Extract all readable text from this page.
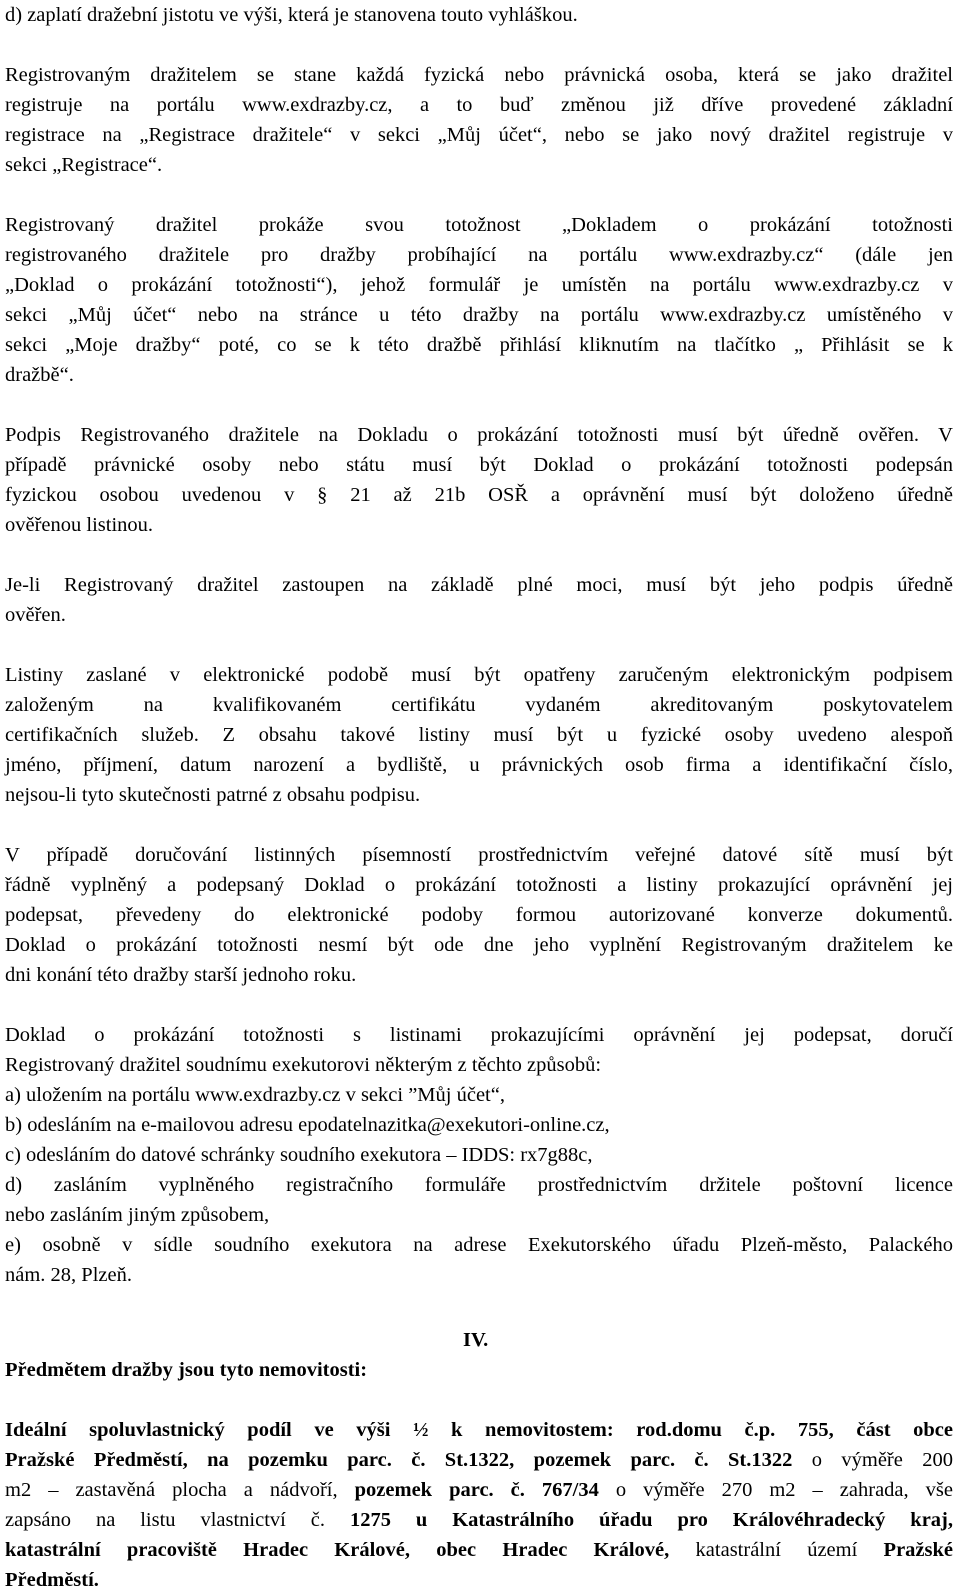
d) zaplatí dražební jistotu ve výši, která je stanovena touto vyhláškou.
Registrovaným dražitelem se stane každá fyzická nebo právnická osoba, která se jako dražitel
registruje na portálu www.exdrazby.cz, a to buď změnou již dříve provedené základní
registrace na „Registrace dražitele“ v sekci „Můj účet“, nebo se jako nový dražitel registruje v
sekci „Registrace“.
Registrovaný dražitel prokáže svou totožnost „Dokladem o prokázání totožnosti
registrovaného dražitele pro dražby probíhající na portálu www.exdrazby.cz“ (dále jen
„Doklad o prokázání totožnosti“), jehož formulář je umístěn na portálu www.exdrazby.cz v
sekci „Můj účet“ nebo na stránce u této dražby na portálu www.exdrazby.cz umístěného v
sekci „Moje dražby“ poté, co se k této dražbě přihlásí kliknutím na tlačítko „ Přihlásit se k
dražbě“.
Podpis Registrovaného dražitele na Dokladu o prokázání totožnosti musí být úředně ověřen. V
případě právnické osoby nebo státu musí být Doklad o prokázání totožnosti podepsán
fyzickou osobou uvedenou v § 21 až 21b OSŘ a oprávnění musí být doloženo úředně
ověřenou listinou.
Je-li Registrovaný dražitel zastoupen na základě plné moci, musí být jeho podpis úředně
ověřen.
Listiny zaslané v elektronické podobě musí být opatřeny zaručeným elektronickým podpisem
založeným na kvalifikovaném certifikátu vydaném akreditovaným poskytovatelem
certifikačních služeb. Z obsahu takové listiny musí být u fyzické osoby uvedeno alespoň
jméno, příjmení, datum narození a bydliště, u právnických osob firma a identifikační číslo,
nejsou-li tyto skutečnosti patrné z obsahu podpisu.
V případě doručování listinných písemností prostřednictvím veřejné datové sítě musí být
řádně vyplněný a podepsaný Doklad o prokázání totožnosti a listiny prokazující oprávnění jej
podepsat, převedeny do elektronické podoby formou autorizované konverze dokumentů.
Doklad o prokázání totožnosti nesmí být ode dne jeho vyplnění Registrovaným dražitelem ke
dni konání této dražby starší jednoho roku.
Doklad o prokázání totožnosti s listinami prokazujícími oprávnění jej podepsat, doručí
Registrovaný dražitel soudnímu exekutorovi některým z těchto způsobů:
a) uložením na portálu www.exdrazby.cz v sekci ”Můj účet“,
b) odesláním na e-mailovou adresu epodatelnazitka@exekutori-online.cz,
c) odesláním do datové schránky soudního exekutora – IDDS: rx7g88c,
d) zasláním vyplněného registračního formuláře prostřednictvím držitele poštovní licence
nebo zasláním jiným způsobem,
e) osobně v sídle soudního exekutora na adrese Exekutorského úřadu Plzeň-město, Palackého
nám. 28, Plzeň.
IV.
Předmětem dražby jsou tyto nemovitosti:
Ideální spoluvlastnický podíl ve výši ½ k nemovitostem: rod.domu č.p. 755, část obce
Pražské Předměstí, na pozemku parc. č. St.1322, pozemek parc. č. St.1322 o výměře 200
m2 – zastavěná plocha a nádvoří, pozemek parc. č. 767/34 o výměře 270 m2 – zahrada, vše
zapsáno na listu vlastnictví č. 1275 u Katastrálního úřadu pro Královéhradecký kraj,
katastrální pracoviště Hradec Králové, obec Hradec Králové, katastrální území Pražské
Předměstí.
